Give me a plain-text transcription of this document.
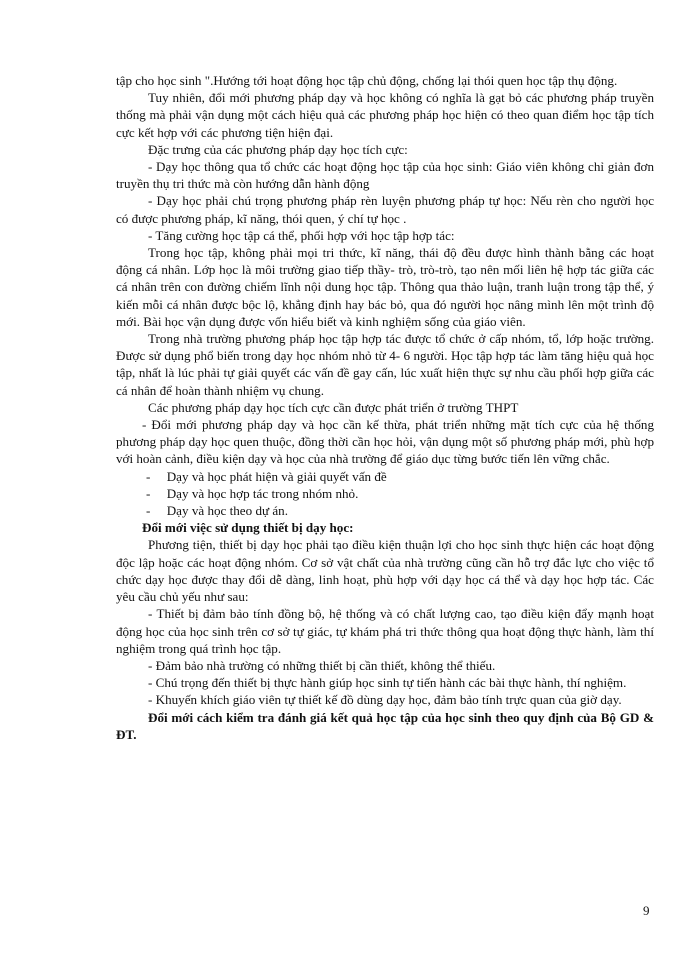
tập cho học sinh ".Hướng tới hoạt động học tập chủ động, chống lại thói quen học tập thụ động.

Tuy nhiên, đổi mới phương pháp dạy và học không có nghĩa là gạt bỏ các phương pháp truyền thống mà phải vận dụng một cách hiệu quả các phương pháp học hiện có theo quan điểm học tập tích cực kết hợp với các phương tiện hiện đại.

Đặc trưng của các phương pháp dạy học tích cực:

- Dạy học thông qua tổ chức các hoạt động học tập của học sinh: Giáo viên không chỉ giản đơn truyền thụ tri thức mà còn hướng dẫn hành động

- Dạy học phải chú trọng phương pháp rèn luyện phương pháp tự học: Nếu rèn cho người học có được phương pháp, kĩ năng, thói quen, ý chí tự học .

- Tăng cường học tập cá thể, phối hợp với học tập hợp tác:

Trong học tập, không phải mọi tri thức, kĩ năng, thái độ đều được hình thành bằng các hoạt động cá nhân. Lớp học là môi trường giao tiếp thầy- trò, trò-trò, tạo nên mối liên hệ hợp tác giữa các cá nhân trên con đường chiếm lĩnh nội dung học tập. Thông qua thảo luận, tranh luận trong tập thể, ý kiến mỗi cá nhân được bộc lộ, khẳng định hay bác bỏ, qua đó người học nâng mình lên một trình độ mới. Bài học vận dụng được vốn hiểu biết và kinh nghiệm sống của giáo viên.

Trong nhà trường phương pháp học tập hợp tác được tổ chức ở cấp nhóm, tổ, lớp hoặc trường. Được sử dụng phổ biến trong dạy học nhóm nhỏ từ 4- 6 người. Học tập hợp tác làm tăng hiệu quả học tập, nhất là lúc phải tự giải quyết các vấn đề gay cấn, lúc xuất hiện thực sự nhu cầu phối hợp giữa các cá nhân để hoàn thành nhiệm vụ chung.

Các phương pháp dạy học tích cực cần được phát triển ở trường THPT

- Đổi mới phương pháp dạy và học cần kế thừa, phát triển những mặt tích cực của hệ thống phương pháp dạy học quen thuộc, đồng thời cần học hỏi, vận dụng một số phương pháp mới, phù hợp với hoàn cảnh, điều kiện dạy và học của nhà trường để giáo dục từng bước tiến lên vững chắc.

-     Dạy và học phát hiện và giải quyết vấn đề

-     Dạy và học hợp tác trong nhóm nhỏ.

-     Dạy và học theo dự án.

Đổi mới việc sử dụng thiết bị dạy học:

Phương tiện, thiết bị dạy học phải tạo điều kiện thuận lợi cho học sinh thực hiện các hoạt động độc lập hoặc các hoạt động nhóm. Cơ sở vật chất của nhà trường cũng cần hỗ trợ đắc lực cho việc tổ chức dạy học được thay đổi dễ dàng, linh hoạt, phù hợp với dạy học cá thể và dạy học hợp tác. Các yêu cầu chủ yếu như sau:

- Thiết bị đảm bảo tính đồng bộ, hệ thống và có chất lượng cao, tạo điều kiện đẩy mạnh hoạt động học của học sinh trên cơ sở tự giác, tự khám phá tri thức thông qua hoạt động thực hành, làm thí nghiệm trong quá trình học tập.

- Đảm bảo nhà trường có những thiết bị cần thiết, không thể thiếu.

- Chú trọng đến thiết bị thực hành giúp học sinh tự tiến hành các bài thực hành, thí nghiệm.

- Khuyến khích giáo viên tự thiết kế đồ dùng dạy học, đảm bảo tính trực quan của giờ dạy.

Đổi mới cách kiểm tra đánh giá kết quả học tập của học sinh theo quy định của Bộ GD & ĐT.

9
